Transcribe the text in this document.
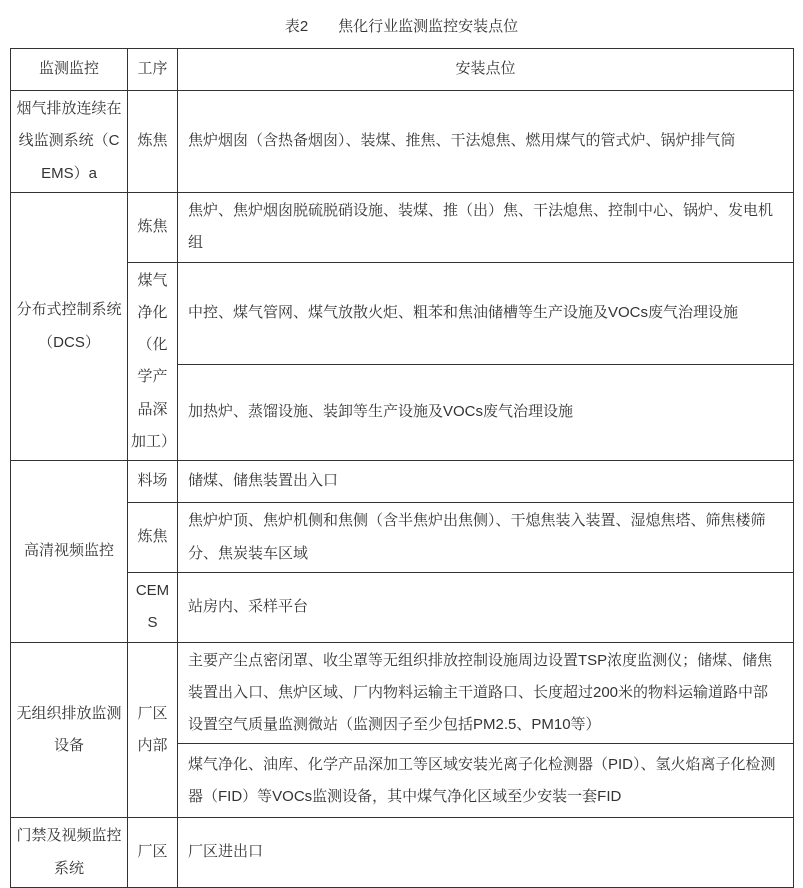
表2 焦化行业监测监控安装点位
监测监控	工序	安装点位
烟气排放连续在线监测系统（CEMS）a	炼焦	焦炉烟囱（含热备烟囱）、装煤、推焦、干法熄焦、燃用煤气的管式炉、锅炉排气筒
分布式控制系统（DCS）	炼焦	焦炉、焦炉烟囱脱硫脱硝设施、装煤、推（出）焦、干法熄焦、控制中心、锅炉、发电机组
	煤气净化（化学产品深加工）	中控、煤气管网、煤气放散火炬、粗苯和焦油储槽等生产设施及VOCs废气治理设施
		加热炉、蒸馏设施、装卸等生产设施及VOCs废气治理设施
高清视频监控	料场	储煤、储焦装置出入口
	炼焦	焦炉炉顶、焦炉机侧和焦侧（含半焦炉出焦侧）、干熄焦装入装置、湿熄焦塔、筛焦楼筛分、焦炭装车区域
	CEMS	站房内、采样平台
无组织排放监测设备	厂区内部	主要产尘点密闭罩、收尘罩等无组织排放控制设施周边设置TSP浓度监测仪；储煤、储焦装置出入口、焦炉区域、厂内物料运输主干道路口、长度超过200米的物料运输道路中部设置空气质量监测微站（监测因子至少包括PM2.5、PM10等）
		煤气净化、油库、化学产品深加工等区域安装光离子化检测器（PID）、氢火焰离子化检测器（FID）等VOCs监测设备，其中煤气净化区域至少安装一套FID
门禁及视频监控系统	厂区	厂区进出口
